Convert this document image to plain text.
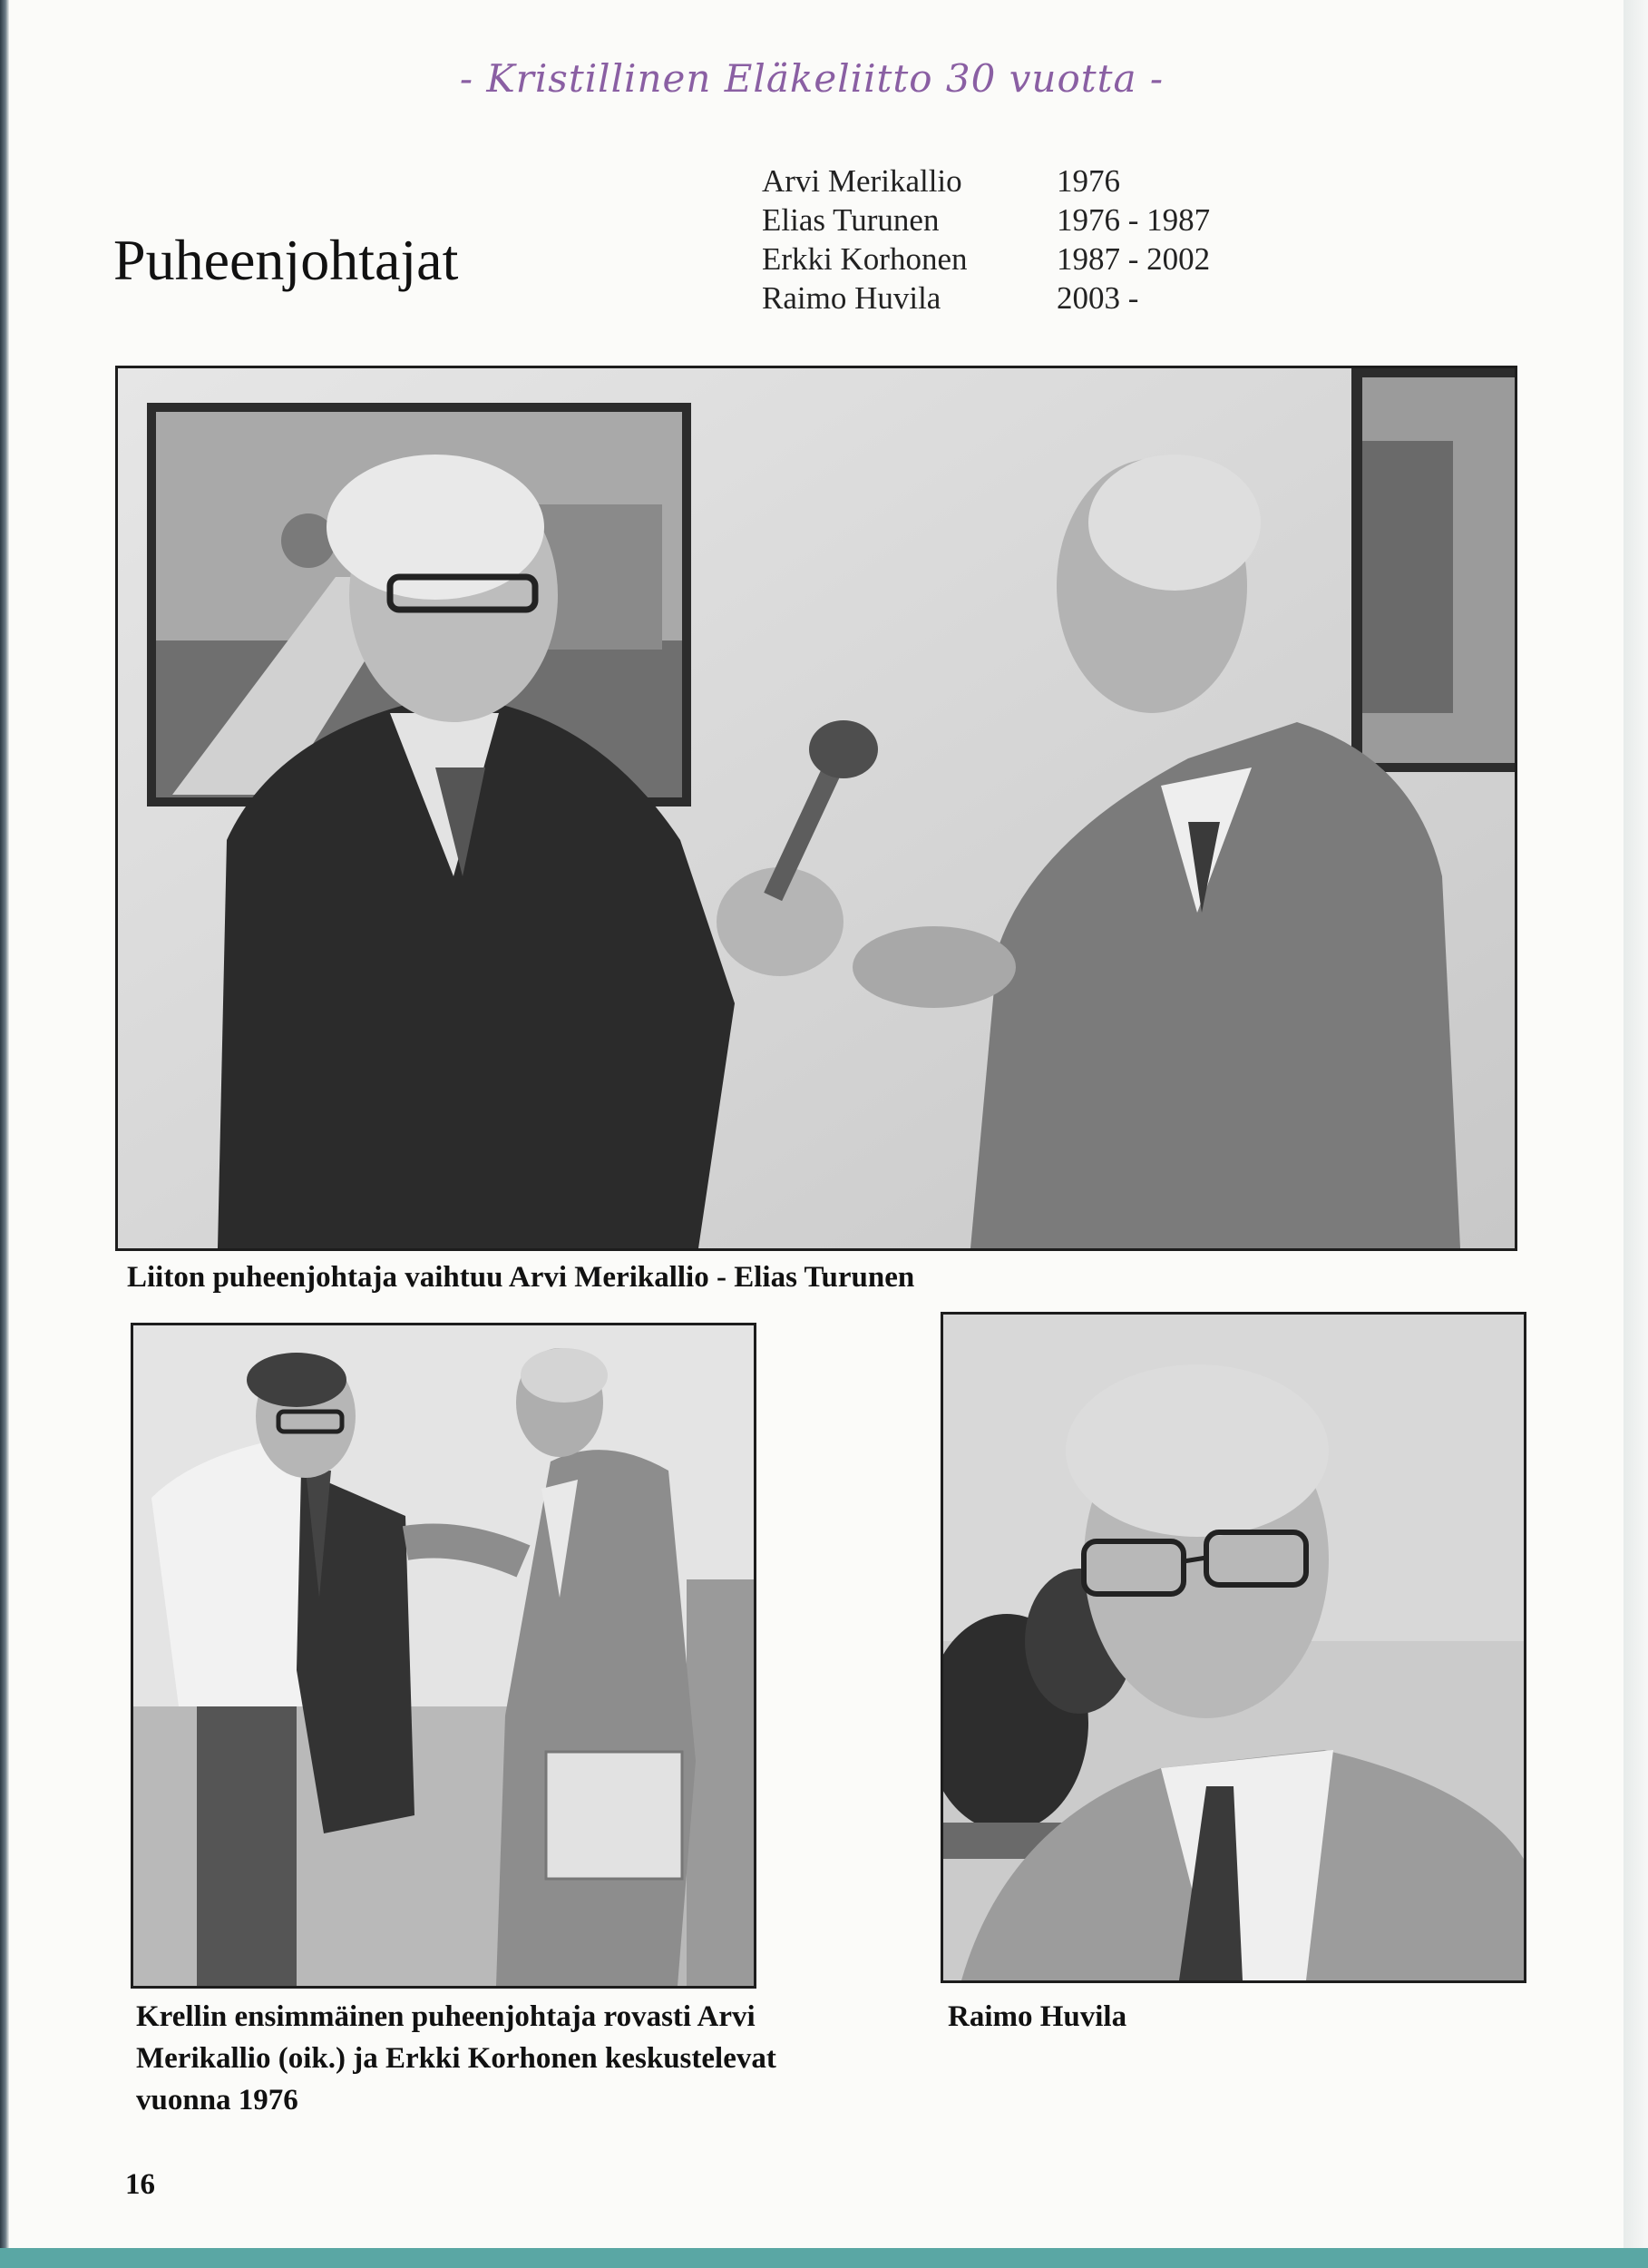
- Kristillinen Eläkeliitto 30 vuotta -
Puheenjohtajat
Arvi Merikallio	1976
Elias Turunen	1976 - 1987
Erkki Korhonen	1987 - 2002
Raimo Huvila	2003 -
Liiton puheenjohtaja vaihtuu Arvi Merikallio - Elias Turunen
Krellin ensimmäinen puheenjohtaja rovasti Arvi Merikallio (oik.) ja Erkki Korhonen keskustelevat vuonna 1976
Raimo Huvila
16
